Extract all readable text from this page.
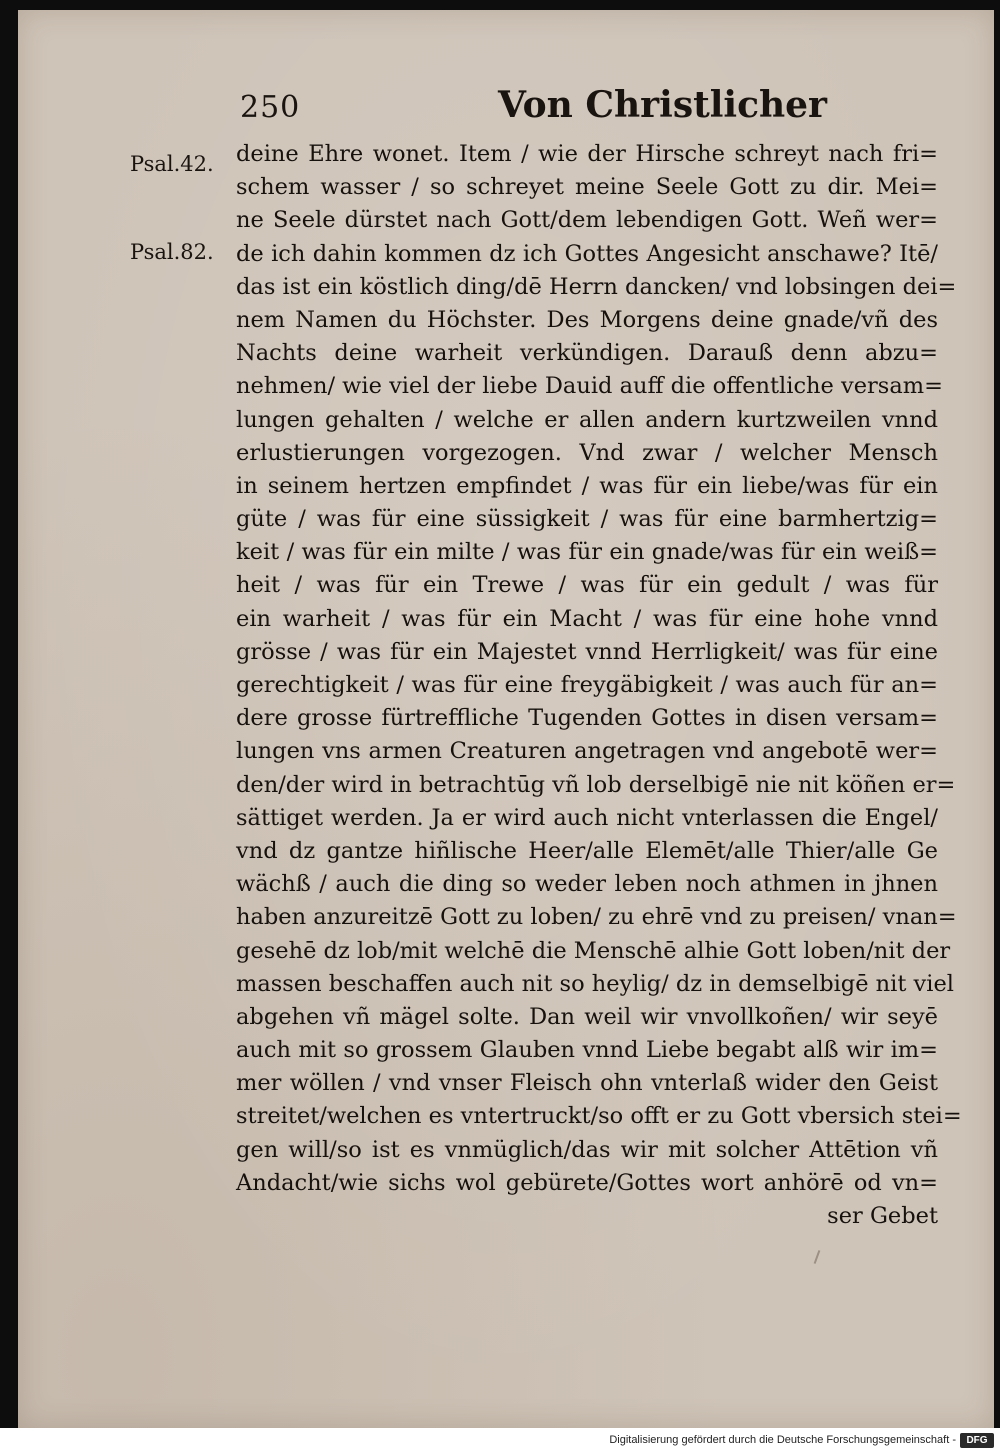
250	Von Christlicher
Psal.42.
Psal.82.
deine Ehre wonet. Item / wie der Hirsche schreyt nach fri=
schem wasser / so schreyet meine Seele Gott zu dir. Mei=
ne Seele dürstet nach Gott/dem lebendigen Gott. Weñ wer=
de ich dahin kommen dz ich Gottes Angesicht anschawe? Itē/
das ist ein köstlich ding/dē Herrn dancken/ vnd lobsingen dei=
nem Namen du Höchster. Des Morgens deine gnade/vñ des
Nachts deine warheit verkündigen. Darauß denn abzu=
nehmen/ wie viel der liebe Dauid auff die offentliche versam=
lungen gehalten / welche er allen andern kurtzweilen vnnd
erlustierungen vorgezogen. Vnd zwar / welcher Mensch
in seinem hertzen empfindet / was für ein liebe/was für ein
güte / was für eine süssigkeit / was für eine barmhertzig=
keit / was für ein milte / was für ein gnade/was für ein weiß=
heit / was für ein Trewe / was für ein gedult / was für
ein warheit / was für ein Macht / was für eine hohe vnnd
grösse / was für ein Majestet vnnd Herrligkeit/ was für eine
gerechtigkeit / was für eine freygäbigkeit / was auch für an=
dere grosse fürtreffliche Tugenden Gottes in disen versam=
lungen vns armen Creaturen angetragen vnd angebotē wer=
den/der wird in betrachtūg vñ lob derselbigē nie nit köñen er=
sättiget werden. Ja er wird auch nicht vnterlassen die Engel/
vnd dz gantze hiñlische Heer/alle Elemēt/alle Thier/alle Ge
wächß / auch die ding so weder leben noch athmen in jhnen
haben anzureitzē Gott zu loben/ zu ehrē vnd zu preisen/ vnan=
gesehē dz lob/mit welchē die Menschē alhie Gott loben/nit der
massen beschaffen auch nit so heylig/ dz in demselbigē nit viel
abgehen vñ mägel solte. Dan weil wir vnvollkoñen/ wir seyē
auch mit so grossem Glauben vnnd Liebe begabt alß wir im=
mer wöllen / vnd vnser Fleisch ohn vnterlaß wider den Geist
streitet/welchen es vntertruckt/so offt er zu Gott vbersich stei=
gen will/so ist es vnmüglich/das wir mit solcher Attētion vñ
Andacht/wie sichs wol gebürete/Gottes wort anhörē od vn=
ser Gebet
Digitalisierung gefördert durch die Deutsche Forschungsgemeinschaft -	DFG
